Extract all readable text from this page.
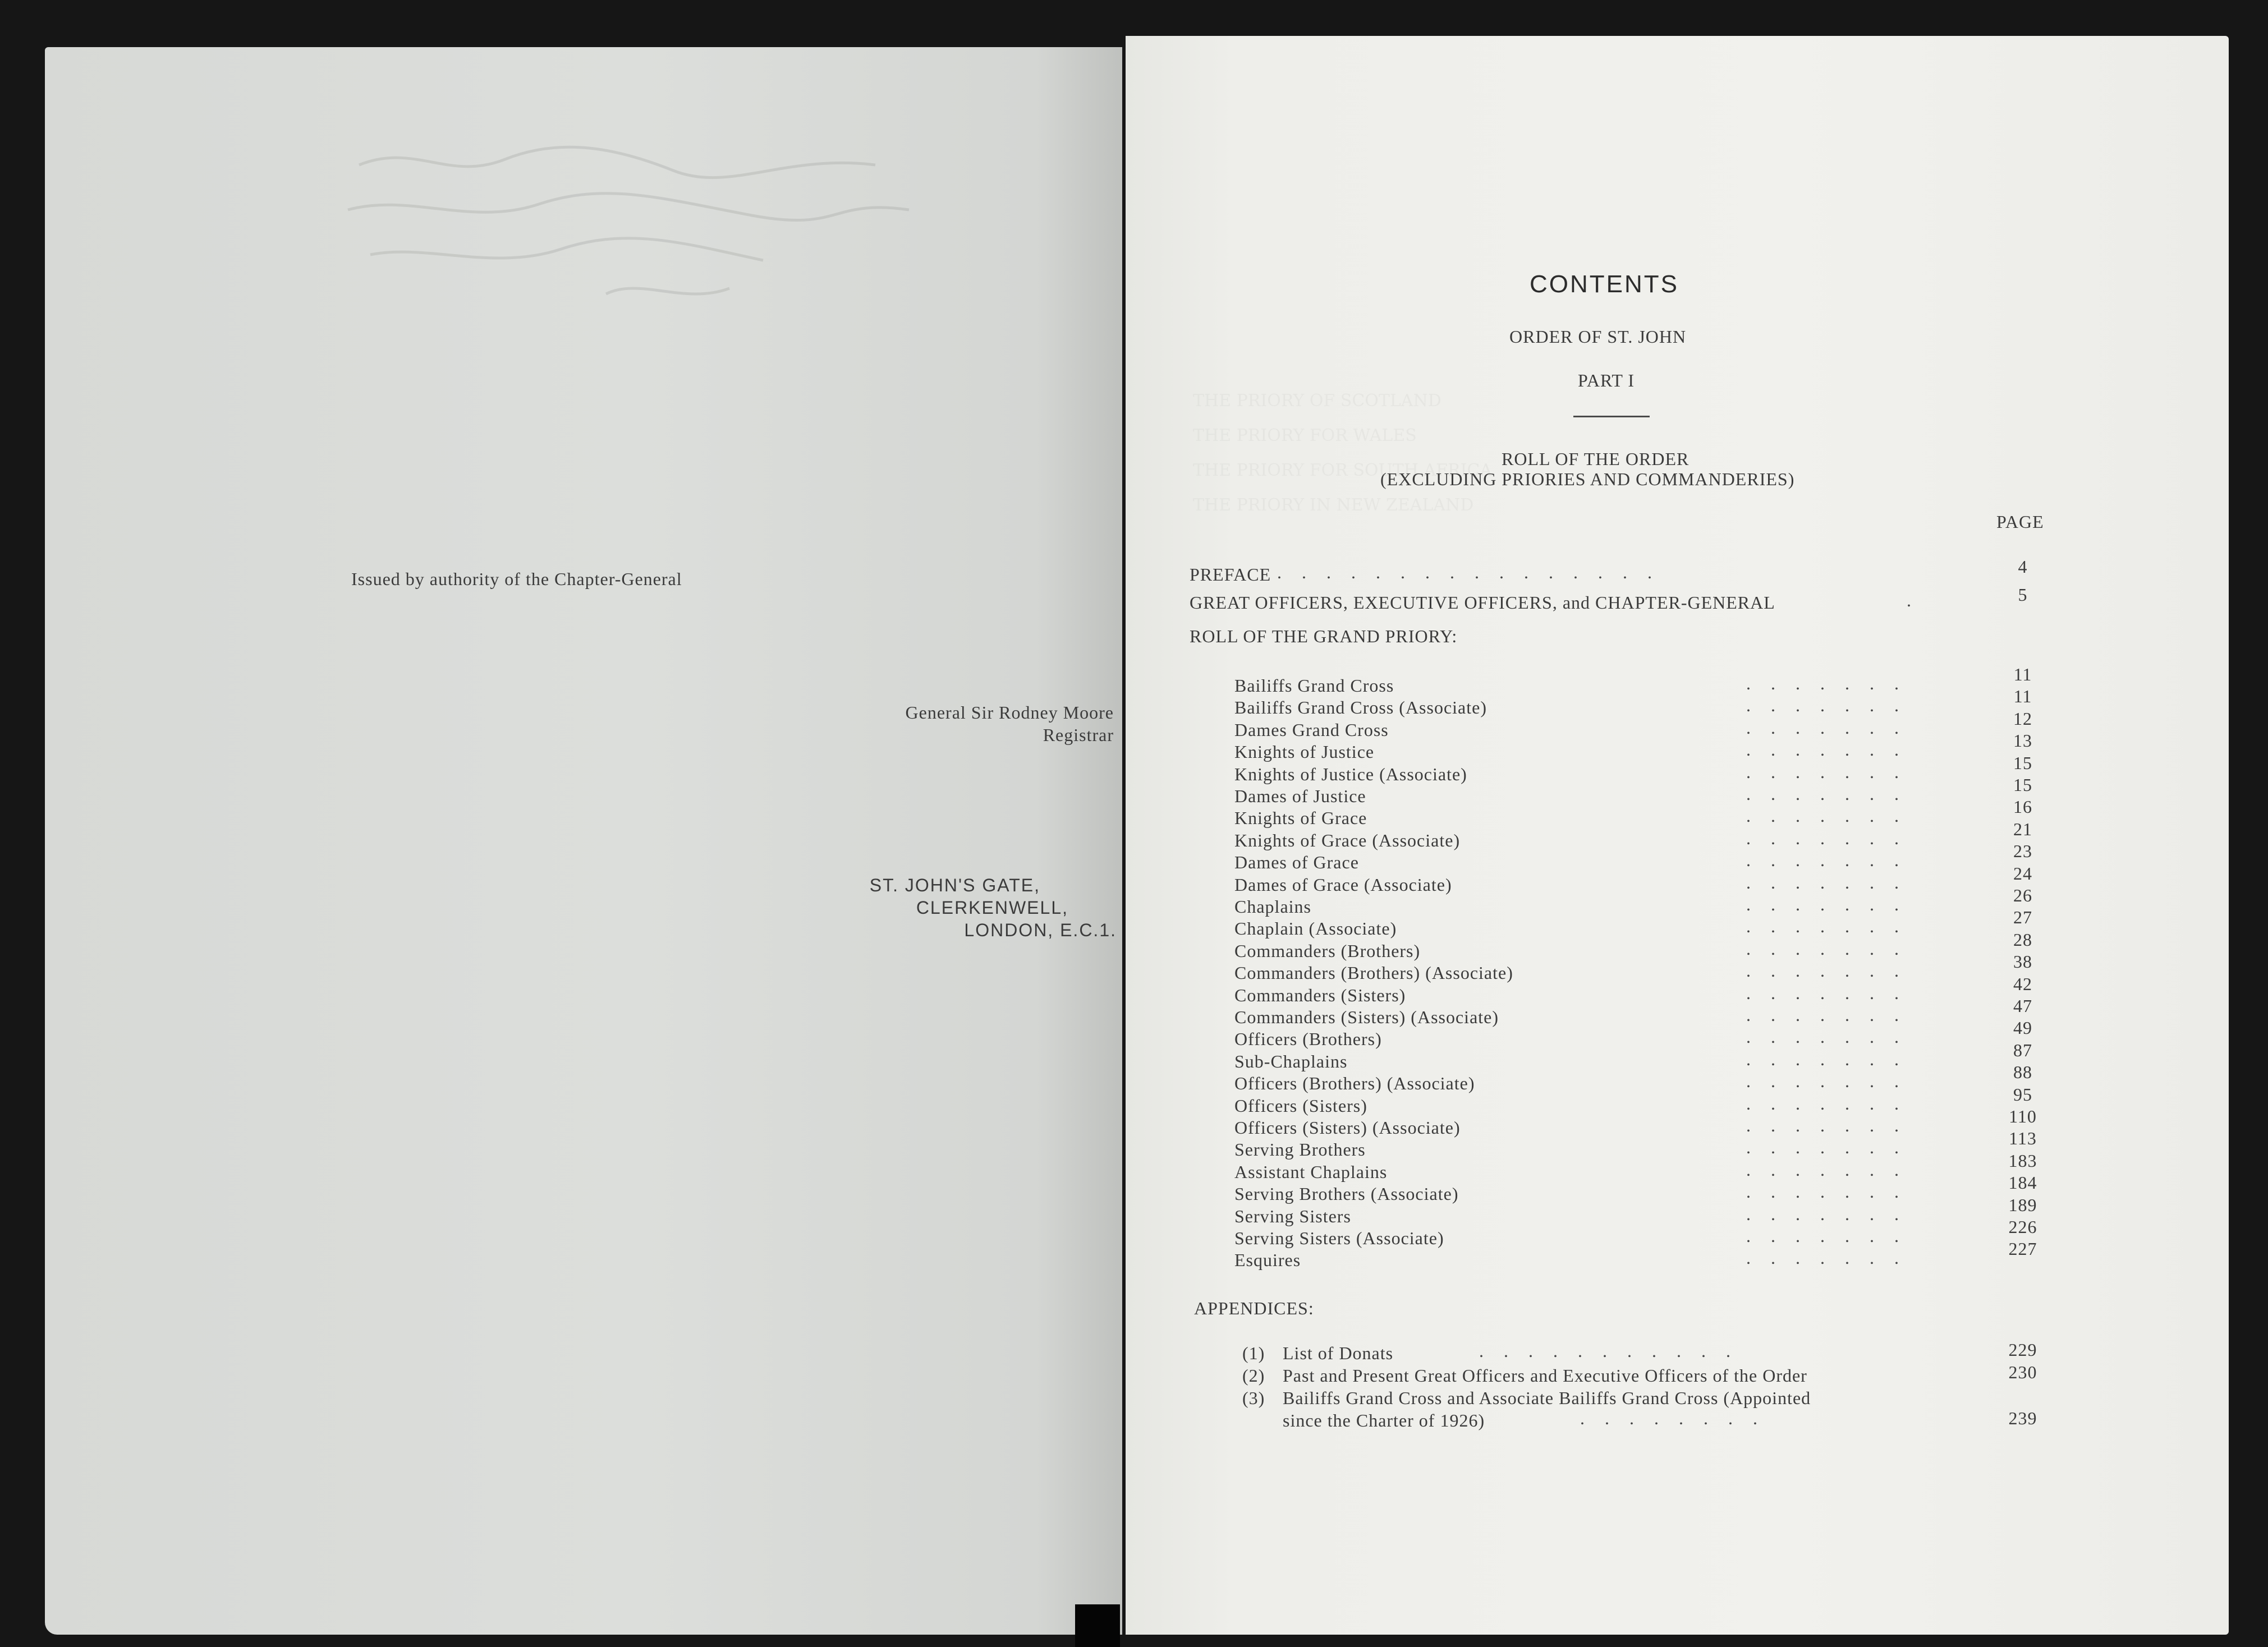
Issued by authority of the Chapter-General
General Sir Rodney Moore
Registrar
ST. JOHN'S GATE,
CLERKENWELL,
LONDON, E.C.1.
THE PRIORY OF SCOTLAND
THE PRIORY FOR WALES
THE PRIORY FOR SOUTH AFRICA
THE PRIORY IN NEW ZEALAND
CONTENTS
ORDER OF ST. JOHN
PART I
ROLL OF THE ORDER
(EXCLUDING PRIORIES AND COMMANDERIES)
PAGE
PREFACE ................	4
GREAT OFFICERS, EXECUTIVE OFFICERS, and CHAPTER-GENERAL	.	5
ROLL OF THE GRAND PRIORY:
Bailiffs Grand Cross	.......	11
Bailiffs Grand Cross (Associate)	.......	11
Dames Grand Cross	.......	12
Knights of Justice	.......	13
Knights of Justice (Associate)	.......	15
Dames of Justice	.......	15
Knights of Grace	.......	16
Knights of Grace (Associate)	.......	21
Dames of Grace	.......	23
Dames of Grace (Associate)	.......	24
Chaplains	.......	26
Chaplain (Associate)	.......	27
Commanders (Brothers)	.......	28
Commanders (Brothers) (Associate)	.......	38
Commanders (Sisters)	.......	42
Commanders (Sisters) (Associate)	.......	47
Officers (Brothers)	.......	49
Sub-Chaplains	.......	87
Officers (Brothers) (Associate)	.......	88
Officers (Sisters)	.......	95
Officers (Sisters) (Associate)	.......	110
Serving Brothers	.......	113
Assistant Chaplains	.......	183
Serving Brothers (Associate)	.......	184
Serving Sisters	.......	189
Serving Sisters (Associate)	.......	226
Esquires	.......	227
APPENDICES:
(1) List of Donats	...........	229
(2) Past and Present Great Officers and Executive Officers of the Order	230
(3) Bailiffs Grand Cross and Associate Bailiffs Grand Cross (Appointed
since the Charter of 1926)	........	239
